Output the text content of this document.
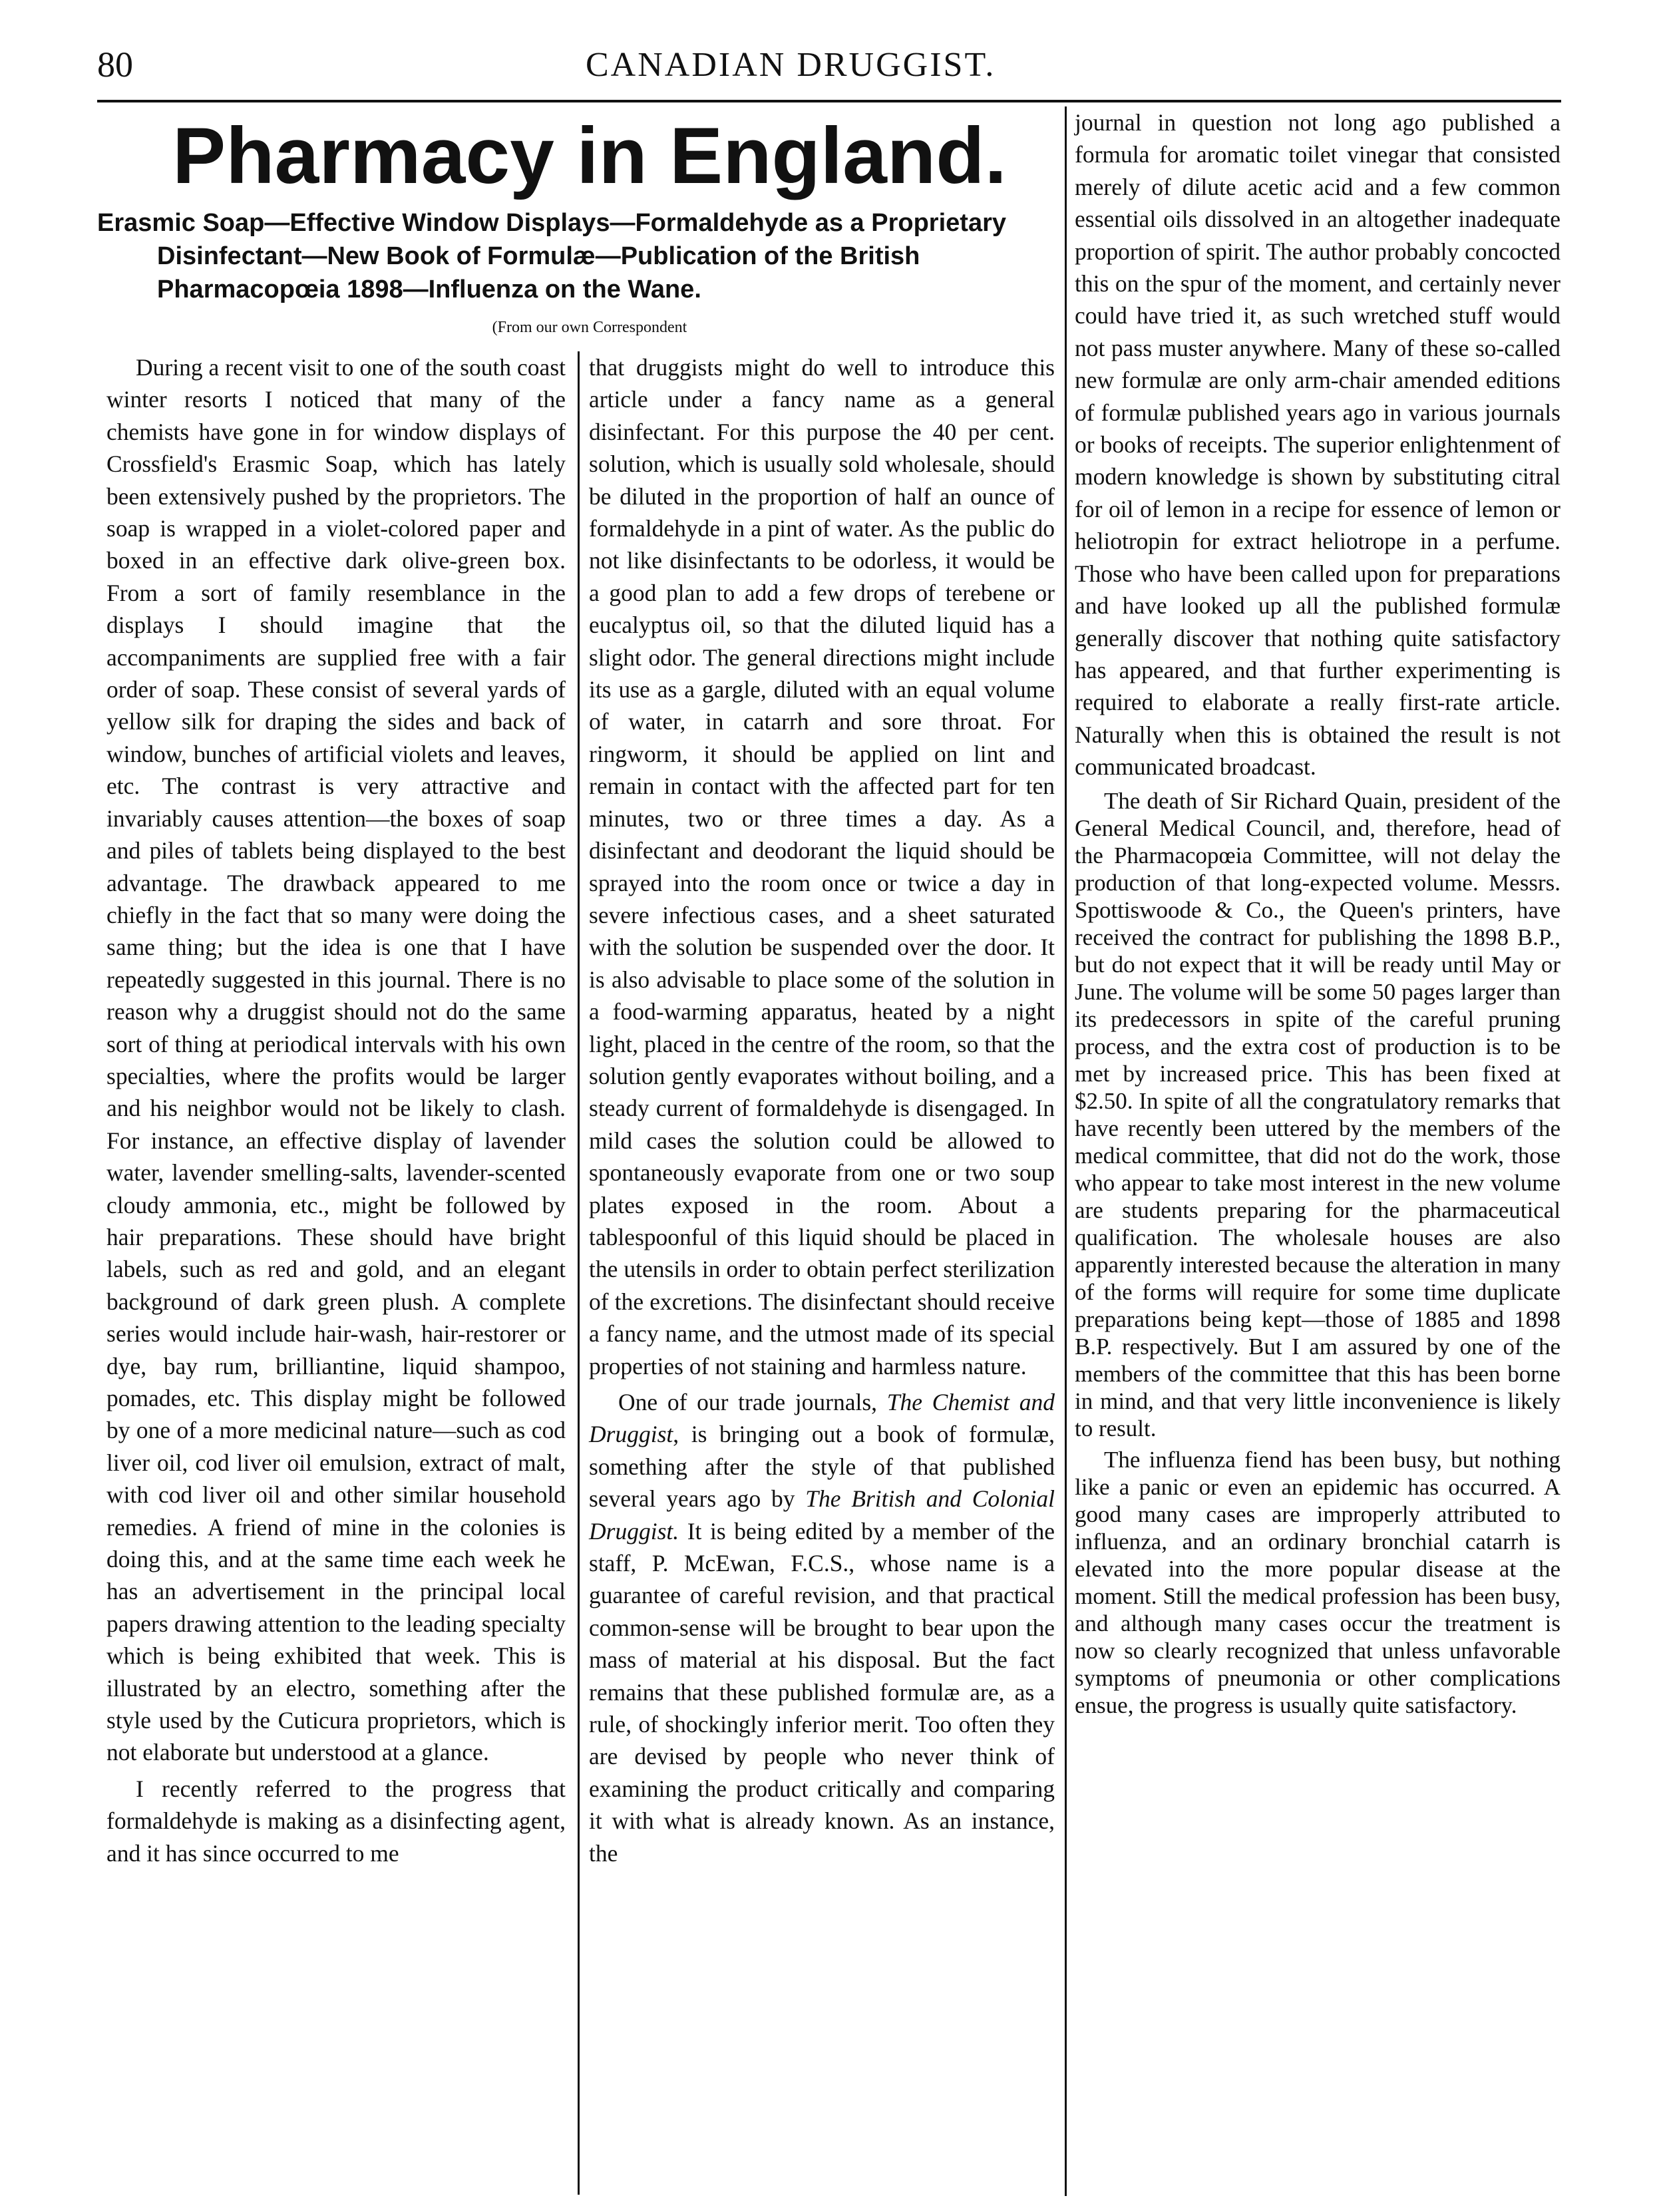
80	CANADIAN DRUGGIST.
Pharmacy in England.
Erasmic Soap—Effective Window Displays—Formaldehyde as a Proprietary Disinfectant—New Book of Formulæ—Publication of the British Pharmacopœia 1898—Influenza on the Wane.
(From our own Correspondent

During a recent visit to one of the south coast winter resorts I noticed that many of the chemists have gone in for window displays of Crossfield's Erasmic Soap, which has lately been extensively pushed by the proprietors. The soap is wrapped in a violet-colored paper and boxed in an effective dark olive-green box. From a sort of family resemblance in the displays I should imagine that the accompaniments are supplied free with a fair order of soap. These consist of several yards of yellow silk for draping the sides and back of window, bunches of artificial violets and leaves, etc. The contrast is very attractive and invariably causes attention—the boxes of soap and piles of tablets being displayed to the best advantage. The drawback appeared to me chiefly in the fact that so many were doing the same thing; but the idea is one that I have repeatedly suggested in this journal. There is no reason why a druggist should not do the same sort of thing at periodical intervals with his own specialties, where the profits would be larger and his neighbor would not be likely to clash. For instance, an effective display of lavender water, lavender smelling-salts, lavender-scented cloudy ammonia, etc., might be followed by hair preparations. These should have bright labels, such as red and gold, and an elegant background of dark green plush. A complete series would include hair-wash, hair-restorer or dye, bay rum, brilliantine, liquid shampoo, pomades, etc. This display might be followed by one of a more medicinal nature—such as cod liver oil, cod liver oil emulsion, extract of malt, with cod liver oil and other similar household remedies. A friend of mine in the colonies is doing this, and at the same time each week he has an advertisement in the principal local papers drawing attention to the leading specialty which is being exhibited that week. This is illustrated by an electro, something after the style used by the Cuticura proprietors, which is not elaborate but understood at a glance.

I recently referred to the progress that formaldehyde is making as a disinfecting agent, and it has since occurred to me

that druggists might do well to introduce this article under a fancy name as a general disinfectant. For this purpose the 40 per cent. solution, which is usually sold wholesale, should be diluted in the proportion of half an ounce of formaldehyde in a pint of water. As the public do not like disinfectants to be odorless, it would be a good plan to add a few drops of terebene or eucalyptus oil, so that the diluted liquid has a slight odor. The general directions might include its use as a gargle, diluted with an equal volume of water, in catarrh and sore throat. For ringworm, it should be applied on lint and remain in contact with the affected part for ten minutes, two or three times a day. As a disinfectant and deodorant the liquid should be sprayed into the room once or twice a day in severe infectious cases, and a sheet saturated with the solution be suspended over the door. It is also advisable to place some of the solution in a food-warming apparatus, heated by a night light, placed in the centre of the room, so that the solution gently evaporates without boiling, and a steady current of formaldehyde is disengaged. In mild cases the solution could be allowed to spontaneously evaporate from one or two soup plates exposed in the room. About a tablespoonful of this liquid should be placed in the utensils in order to obtain perfect sterilization of the excretions. The disinfectant should receive a fancy name, and the utmost made of its special properties of not staining and harmless nature.

One of our trade journals, The Chemist and Druggist, is bringing out a book of formulæ, something after the style of that published several years ago by The British and Colonial Druggist. It is being edited by a member of the staff, P. McEwan, F.C.S., whose name is a guarantee of careful revision, and that practical common-sense will be brought to bear upon the mass of material at his disposal. But the fact remains that these published formulæ are, as a rule, of shockingly inferior merit. Too often they are devised by people who never think of examining the product critically and comparing it with what is already known. As an instance, the

journal in question not long ago published a formula for aromatic toilet vinegar that consisted merely of dilute acetic acid and a few common essential oils dissolved in an altogether inadequate proportion of spirit. The author probably concocted this on the spur of the moment, and certainly never could have tried it, as such wretched stuff would not pass muster anywhere. Many of these so-called new formulæ are only arm-chair amended editions of formulæ published years ago in various journals or books of receipts. The superior enlightenment of modern knowledge is shown by substituting citral for oil of lemon in a recipe for essence of lemon or heliotropin for extract heliotrope in a perfume. Those who have been called upon for preparations and have looked up all the published formulæ generally discover that nothing quite satisfactory has appeared, and that further experimenting is required to elaborate a really first-rate article. Naturally when this is obtained the result is not communicated broadcast.

The death of Sir Richard Quain, president of the General Medical Council, and, therefore, head of the Pharmacopœia Committee, will not delay the production of that long-expected volume. Messrs. Spottiswoode & Co., the Queen's printers, have received the contract for publishing the 1898 B.P., but do not expect that it will be ready until May or June. The volume will be some 50 pages larger than its predecessors in spite of the careful pruning process, and the extra cost of production is to be met by increased price. This has been fixed at $2.50. In spite of all the congratulatory remarks that have recently been uttered by the members of the medical committee, that did not do the work, those who appear to take most interest in the new volume are students preparing for the pharmaceutical qualification. The wholesale houses are also apparently interested because the alteration in many of the forms will require for some time duplicate preparations being kept—those of 1885 and 1898 B.P. respectively. But I am assured by one of the members of the committee that this has been borne in mind, and that very little inconvenience is likely to result.

The influenza fiend has been busy, but nothing like a panic or even an epidemic has occurred. A good many cases are improperly attributed to influenza, and an ordinary bronchial catarrh is elevated into the more popular disease at the moment. Still the medical profession has been busy, and although many cases occur the treatment is now so clearly recognized that unless unfavorable symptoms of pneumonia or other complications ensue, the progress is usually quite satisfactory.
